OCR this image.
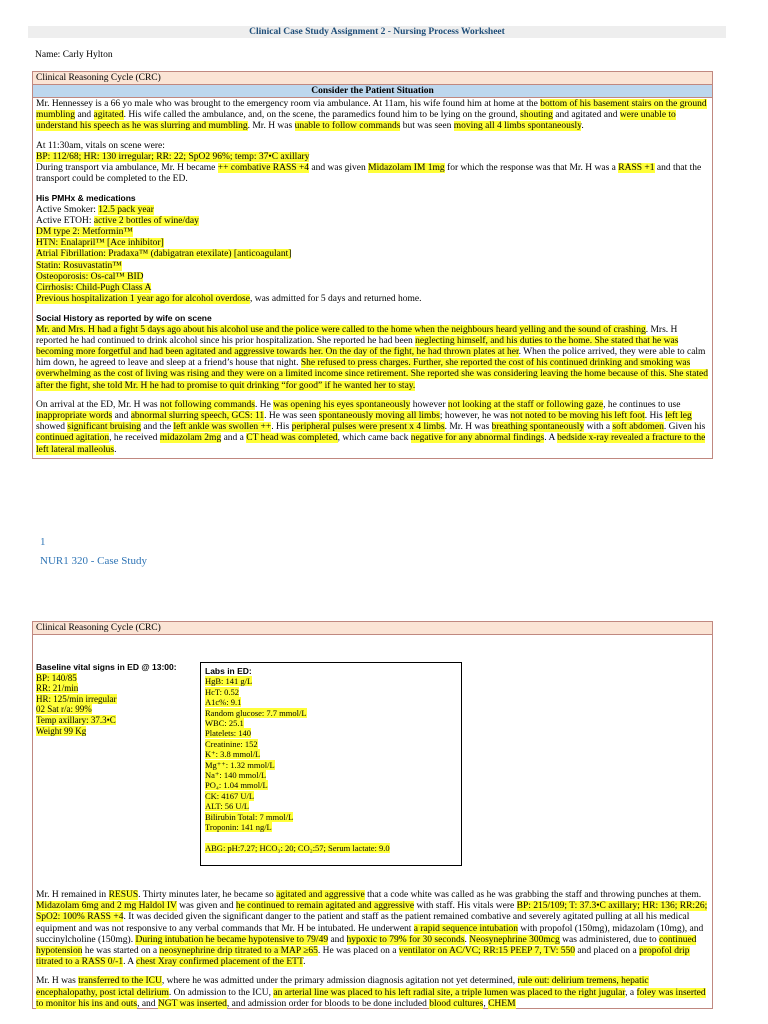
Clinical Case Study Assignment 2 - Nursing Process Worksheet
Name: Carly Hylton
Clinical Reasoning Cycle (CRC)
Consider the Patient Situation

Mr. Hennessey is a 66 yo male who was brought to the emergency room via ambulance. At 11am, his wife found him at home at the bottom of his basement stairs on the ground mumbling and agitated. His wife called the ambulance, and, on the scene, the paramedics found him to be lying on the ground, shouting and agitated and were unable to understand his speech as he was slurring and mumbling. Mr. H was unable to follow commands but was seen moving all 4 limbs spontaneously.

At 11:30am, vitals on scene were:
BP: 112/68; HR: 130 irregular; RR: 22; SpO2 96%; temp: 37•C axillary
During transport via ambulance, Mr. H became ++ combative RASS +4 and was given Midazolam IM 1mg for which the response was that Mr. H was a RASS +1 and that the transport could be completed to the ED.

His PMHx & medications
Active Smoker: 12.5 pack year
Active ETOH: active 2 bottles of wine/day
DM type 2: Metformin™
HTN: Enalapril™ [Ace inhibitor]
Atrial Fibrillation: Pradaxa™ (dabigatran etexilate) [anticoagulant]
Statin: Rosuvastatin™
Osteoporosis: Os-cal™ BID
Cirrhosis: Child-Pugh Class A
Previous hospitalization 1 year ago for alcohol overdose, was admitted for 5 days and returned home.

Social History as reported by wife on scene
Mr. and Mrs. H had a fight 5 days ago about his alcohol use and the police were called to the home when the neighbours heard yelling and the sound of crashing. Mrs. H reported he had continued to drink alcohol since his prior hospitalization. She reported he had been neglecting himself, and his duties to the home. She stated that he was becoming more forgetful and had been agitated and aggressive towards her. On the day of the fight, he had thrown plates at her. When the police arrived, they were able to calm him down, he agreed to leave and sleep at a friend’s house that night. She refused to press charges. Further, she reported the cost of his continued drinking and smoking was overwhelming as the cost of living was rising and they were on a limited income since retirement. She reported she was considering leaving the home because of this. She stated after the fight, she told Mr. H he had to promise to quit drinking “for good” if he wanted her to stay.

On arrival at the ED, Mr. H was not following commands. He was opening his eyes spontaneously however not looking at the staff or following gaze, he continues to use inappropriate words and abnormal slurring speech, GCS: 11. He was seen spontaneously moving all limbs; however, he was not noted to be moving his left foot. His left leg showed significant bruising and the left ankle was swollen ++. His peripheral pulses were present x 4 limbs. Mr. H was breathing spontaneously with a soft abdomen. Given his continued agitation, he received midazolam 2mg and a CT head was completed, which came back negative for any abnormal findings. A bedside x-ray revealed a fracture to the left lateral malleolus.

1
NUR1 320 - Case Study
Clinical Reasoning Cycle (CRC)
Baseline vital signs in ED @ 13:00:
BP: 140/85
RR: 21/min
HR: 125/min irregular
02 Sat r/a: 99%
Temp axillary: 37.3•C
Weight 99 Kg
Labs in ED:
HgB: 141 g/L
HcT: 0.52
A1c%: 9.1
Random glucose: 7.7 mmol/L
WBC: 25.1
Platelets: 140
Creatinine: 152
K⁺: 3.8 mmol/L
Mg⁺⁺: 1.32 mmol/L
Na⁺: 140 mmol/L
PO₄: 1.04 mmol/L
CK: 4167 U/L
ALT: 56 U/L
Bilirubin Total: 7 mmol/L
Troponin: 141 ng/L
ABG: pH:7.27; HCO₃: 20; CO₂:57; Serum lactate: 9.0

Mr. H remained in RESUS. Thirty minutes later, he became so agitated and aggressive that a code white was called as he was grabbing the staff and throwing punches at them. Midazolam 6mg and 2 mg Haldol IV was given and he continued to remain agitated and aggressive with staff. His vitals were BP: 215/109; T: 37.3•C axillary; HR: 136; RR:26; SpO2: 100% RASS +4. It was decided given the significant danger to the patient and staff as the patient remained combative and severely agitated pulling at all his medical equipment and was not responsive to any verbal commands that Mr. H be intubated. He underwent a rapid sequence intubation with propofol (150mg), midazolam (10mg), and succinylcholine (150mg). During intubation he became hypotensive to 79/49 and hypoxic to 79% for 30 seconds. Neosynephrine 300mcg was administered, due to continued hypotension he was started on a neosynephrine drip titrated to a MAP ≥65. He was placed on a ventilator on AC/VC; RR:15 PEEP 7, TV: 550 and placed on a propofol drip titrated to a RASS 0/-1. A chest Xray confirmed placement of the ETT.

Mr. H was transferred to the ICU, where he was admitted under the primary admission diagnosis agitation not yet determined, rule out: delirium tremens, hepatic encephalopathy, post ictal delirium. On admission to the ICU, an arterial line was placed to his left radial site, a triple lumen was placed to the right jugular, a foley was inserted to monitor his ins and outs, and NGT was inserted, and admission order for bloods to be done included blood cultures, CHEM
